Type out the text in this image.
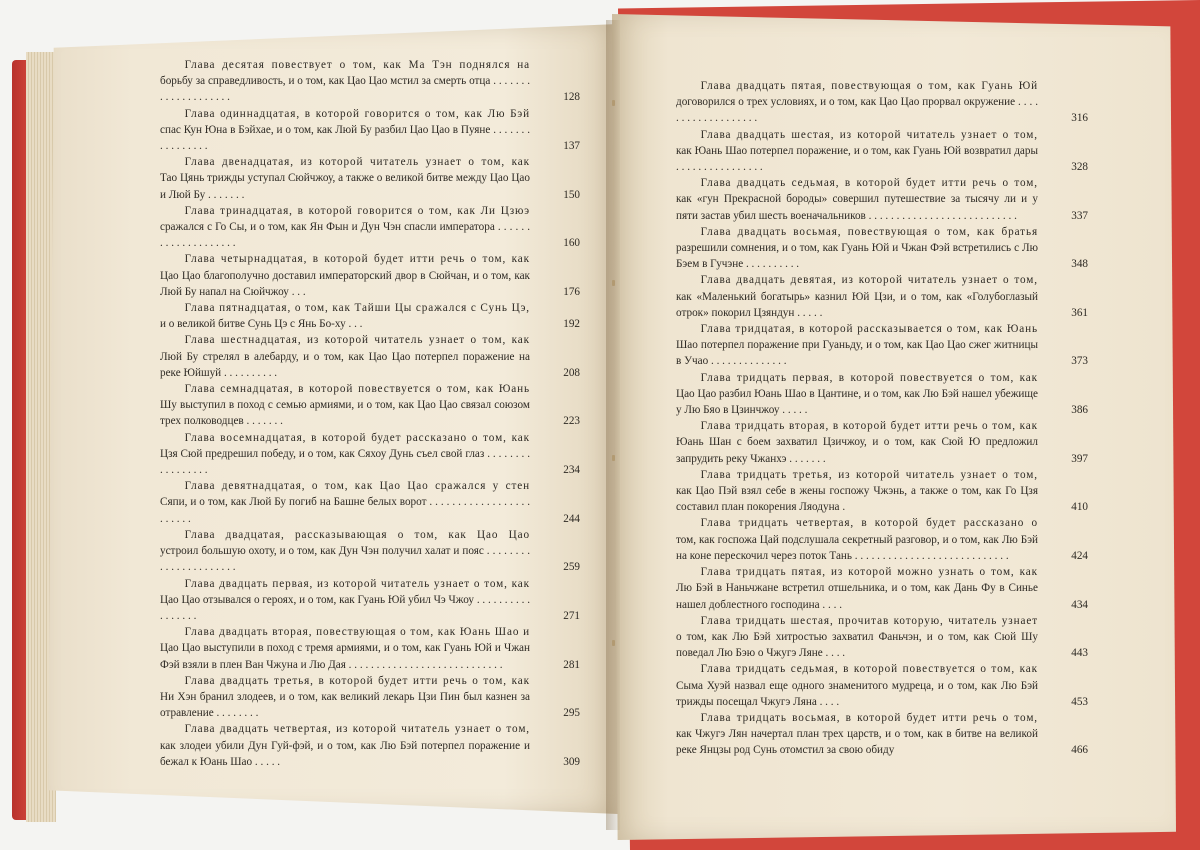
Глава десятая повествует о том, как Ма Тэн поднялся на борьбу за справедливость, и о том, как Цао Цао мстил за смерть отца . . . . . . . . . . . . . . . . . . . .	128
Глава одиннадцатая, в которой говорится о том, как Лю Бэй спас Кун Юна в Бэйхае, и о том, как Люй Бу разбил Цао Цао в Пуяне . . . . . . . . . . . . . . . .	137
Глава двенадцатая, из которой читатель узнает о том, как Тао Цянь трижды уступал Сюйчжоу, а также о великой битве между Цао Цао и Люй Бу . . . . . . .	150
Глава тринадцатая, в которой говорится о том, как Ли Цзюэ сражался с Го Сы, и о том, как Ян Фын и Дун Чэн спасли императора . . . . . . . . . . . . . . . . . . . .	160
Глава четырнадцатая, в которой будет итти речь о том, как Цао Цао благополучно доставил императорский двор в Сюйчан, и о том, как Люй Бу напал на Сюйчжоу . . .	176
Глава пятнадцатая, о том, как Тайши Цы сражался с Сунь Цэ, и о великой битве Сунь Цэ с Янь Бо-ху . . .	192
Глава шестнадцатая, из которой читатель узнает о том, как Люй Бу стрелял в алебарду, и о том, как Цао Цао потерпел поражение на реке Юйшуй . . . . . . . . . .	208
Глава семнадцатая, в которой повествуется о том, как Юань Шу выступил в поход с семью армиями, и о том, как Цао Цао связал союзом трех полководцев . . . . . . .	223
Глава восемнадцатая, в которой будет рассказано о том, как Цзя Сюй предрешил победу, и о том, как Сяхоу Дунь съел свой глаз . . . . . . . . . . . . . . . . .	234
Глава девятнадцатая, о том, как Цао Цао сражался у стен Сяпи, и о том, как Люй Бу погиб на Башне белых ворот . . . . . . . . . . . . . . . . . . . . . . . .	244
Глава двадцатая, рассказывающая о том, как Цао Цао устроил большую охоту, и о том, как Дун Чэн получил халат и пояс . . . . . . . . . . . . . . . . . . . . . .	259
Глава двадцать первая, из которой читатель узнает о том, как Цао Цао отзывался о героях, и о том, как Гуань Юй убил Чэ Чжоу . . . . . . . . . . . . . . . . .	271
Глава двадцать вторая, повествующая о том, как Юань Шао и Цао Цао выступили в поход с тремя армиями, и о том, как Гуань Юй и Чжан Фэй взяли в плен Ван Чжуна и Лю Дая . . . . . . . . . . . . . . . . . . . . . . . . . . . .	281
Глава двадцать третья, в которой будет итти речь о том, как Ни Хэн бранил злодеев, и о том, как великий лекарь Цзи Пин был казнен за отравление . . . . . . . .	295
Глава двадцать четвертая, из которой читатель узнает о том, как злодеи убили Дун Гуй-фэй, и о том, как Лю Бэй потерпел поражение и бежал к Юань Шао . . . . .	309
Глава двадцать пятая, повествующая о том, как Гуань Юй договорился о трех условиях, и о том, как Цао Цао прорвал окружение . . . . . . . . . . . . . . . . . . .	316
Глава двадцать шестая, из которой читатель узнает о том, как Юань Шао потерпел поражение, и о том, как Гуань Юй возвратил дары . . . . . . . . . . . . . . . .	328
Глава двадцать седьмая, в которой будет итти речь о том, как «гун Прекрасной бороды» совершил путешествие за тысячу ли и у пяти застав убил шесть военачальников . . . . . . . . . . . . . . . . . . . . . . . . . . .	337
Глава двадцать восьмая, повествующая о том, как братья разрешили сомнения, и о том, как Гуань Юй и Чжан Фэй встретились с Лю Бэем в Гучэне . . . . . . . . . .	348
Глава двадцать девятая, из которой читатель узнает о том, как «Маленький богатырь» казнил Юй Цзи, и о том, как «Голубоглазый отрок» покорил Цзяндун . . . . .	361
Глава тридцатая, в которой рассказывается о том, как Юань Шао потерпел поражение при Гуаньду, и о том, как Цао Цао сжег житницы в Учао . . . . . . . . . . . . . .	373
Глава тридцать первая, в которой повествуется о том, как Цао Цао разбил Юань Шао в Цантине, и о том, как Лю Бэй нашел убежище у Лю Бяо в Цзинчжоу . . . . .	386
Глава тридцать вторая, в которой будет итти речь о том, как Юань Шан с боем захватил Цзичжоу, и о том, как Сюй Ю предложил запрудить реку Чжанхэ . . . . . . .	397
Глава тридцать третья, из которой читатель узнает о том, как Цао Пэй взял себе в жены госпожу Чжэнь, а также о том, как Го Цзя составил план покорения Ляодуна .	410
Глава тридцать четвертая, в которой будет рассказано о том, как госпожа Цай подслушала секретный разговор, и о том, как Лю Бэй на коне перескочил через поток Тань . . . . . . . . . . . . . . . . . . . . . . . . . . . .	424
Глава тридцать пятая, из которой можно узнать о том, как Лю Бэй в Наньчжане встретил отшельника, и о том, как Дань Фу в Синье нашел доблестного господина . . . .	434
Глава тридцать шестая, прочитав которую, читатель узнает о том, как Лю Бэй хитростью захватил Фаньчэн, и о том, как Сюй Шу поведал Лю Бэю о Чжугэ Ляне . . . .	443
Глава тридцать седьмая, в которой повествуется о том, как Сыма Хуэй назвал еще одного знаменитого мудреца, и о том, как Лю Бэй трижды посещал Чжугэ Ляна . . . .	453
Глава тридцать восьмая, в которой будет итти речь о том, как Чжугэ Лян начертал план трех царств, и о том, как в битве на великой реке Янцзы род Сунь отомстил за свою обиду	466
